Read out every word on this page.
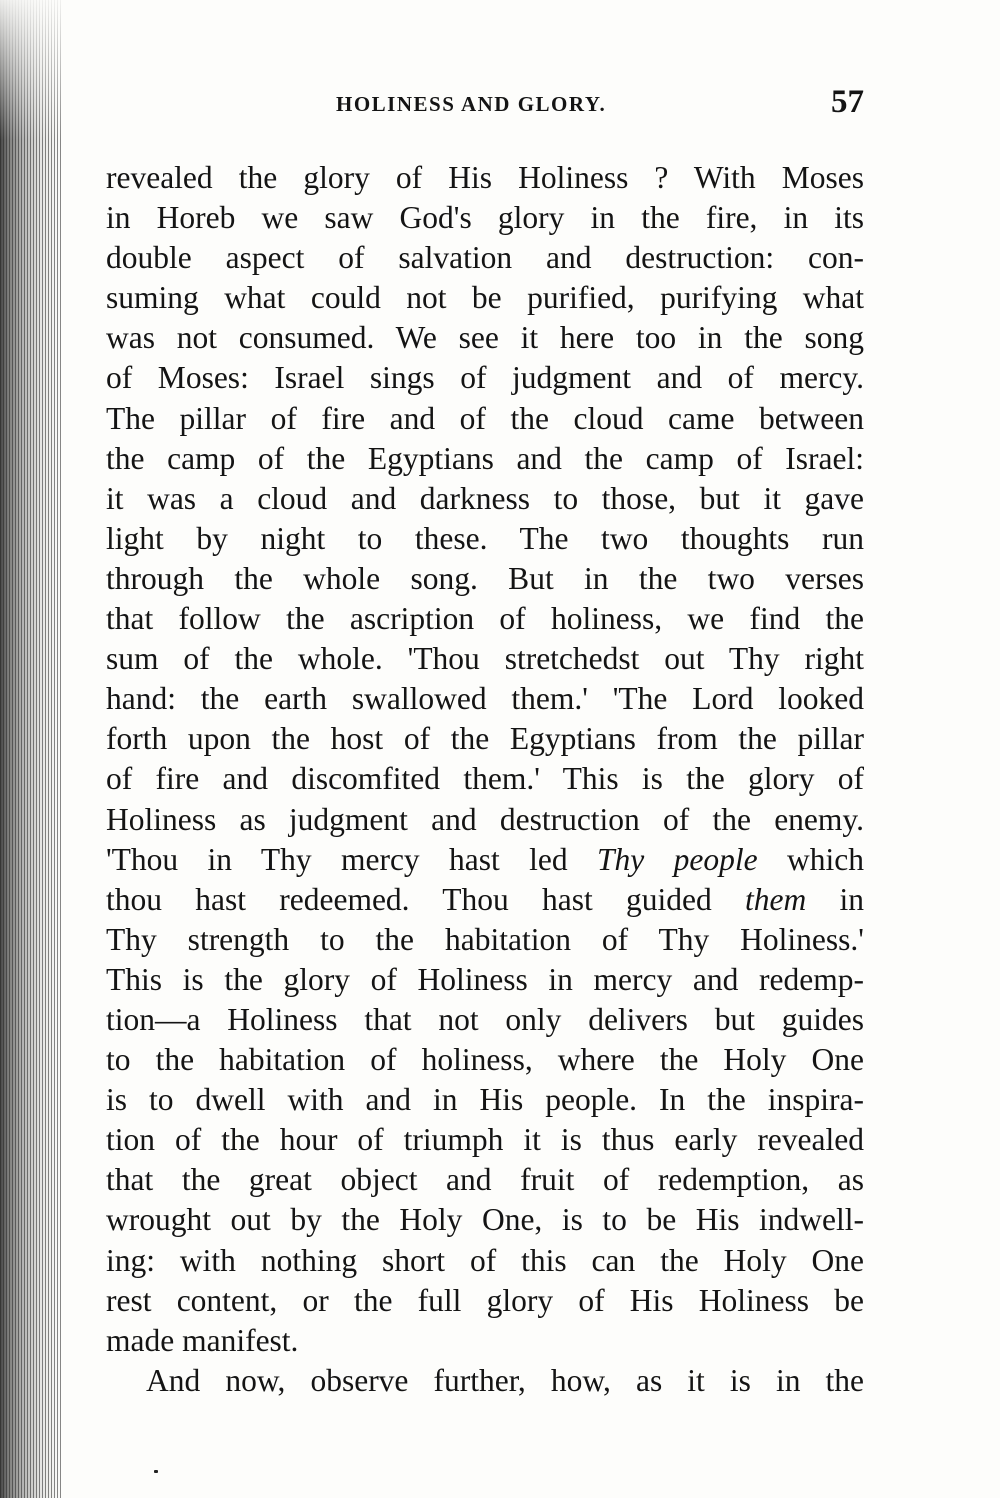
HOLINESS AND GLORY.	57
revealed the glory of His Holiness ? With Moses
in Horeb we saw God's glory in the fire, in its
double aspect of salvation and destruction: con-
suming what could not be purified, purifying what
was not consumed. We see it here too in the song
of Moses: Israel sings of judgment and of mercy.
The pillar of fire and of the cloud came between
the camp of the Egyptians and the camp of Israel:
it was a cloud and darkness to those, but it gave
light by night to these. The two thoughts run
through the whole song. But in the two verses
that follow the ascription of holiness, we find the
sum of the whole. 'Thou stretchedst out Thy right
hand: the earth swallowed them.' 'The Lord looked
forth upon the host of the Egyptians from the pillar
of fire and discomfited them.' This is the glory of
Holiness as judgment and destruction of the enemy.
'Thou in Thy mercy hast led Thy people which
thou hast redeemed. Thou hast guided them in
Thy strength to the habitation of Thy Holiness.'
This is the glory of Holiness in mercy and redemp-
tion—a Holiness that not only delivers but guides
to the habitation of holiness, where the Holy One
is to dwell with and in His people. In the inspira-
tion of the hour of triumph it is thus early revealed
that the great object and fruit of redemption, as
wrought out by the Holy One, is to be His indwell-
ing: with nothing short of this can the Holy One
rest content, or the full glory of His Holiness be
made manifest.
And now, observe further, how, as it is in the
